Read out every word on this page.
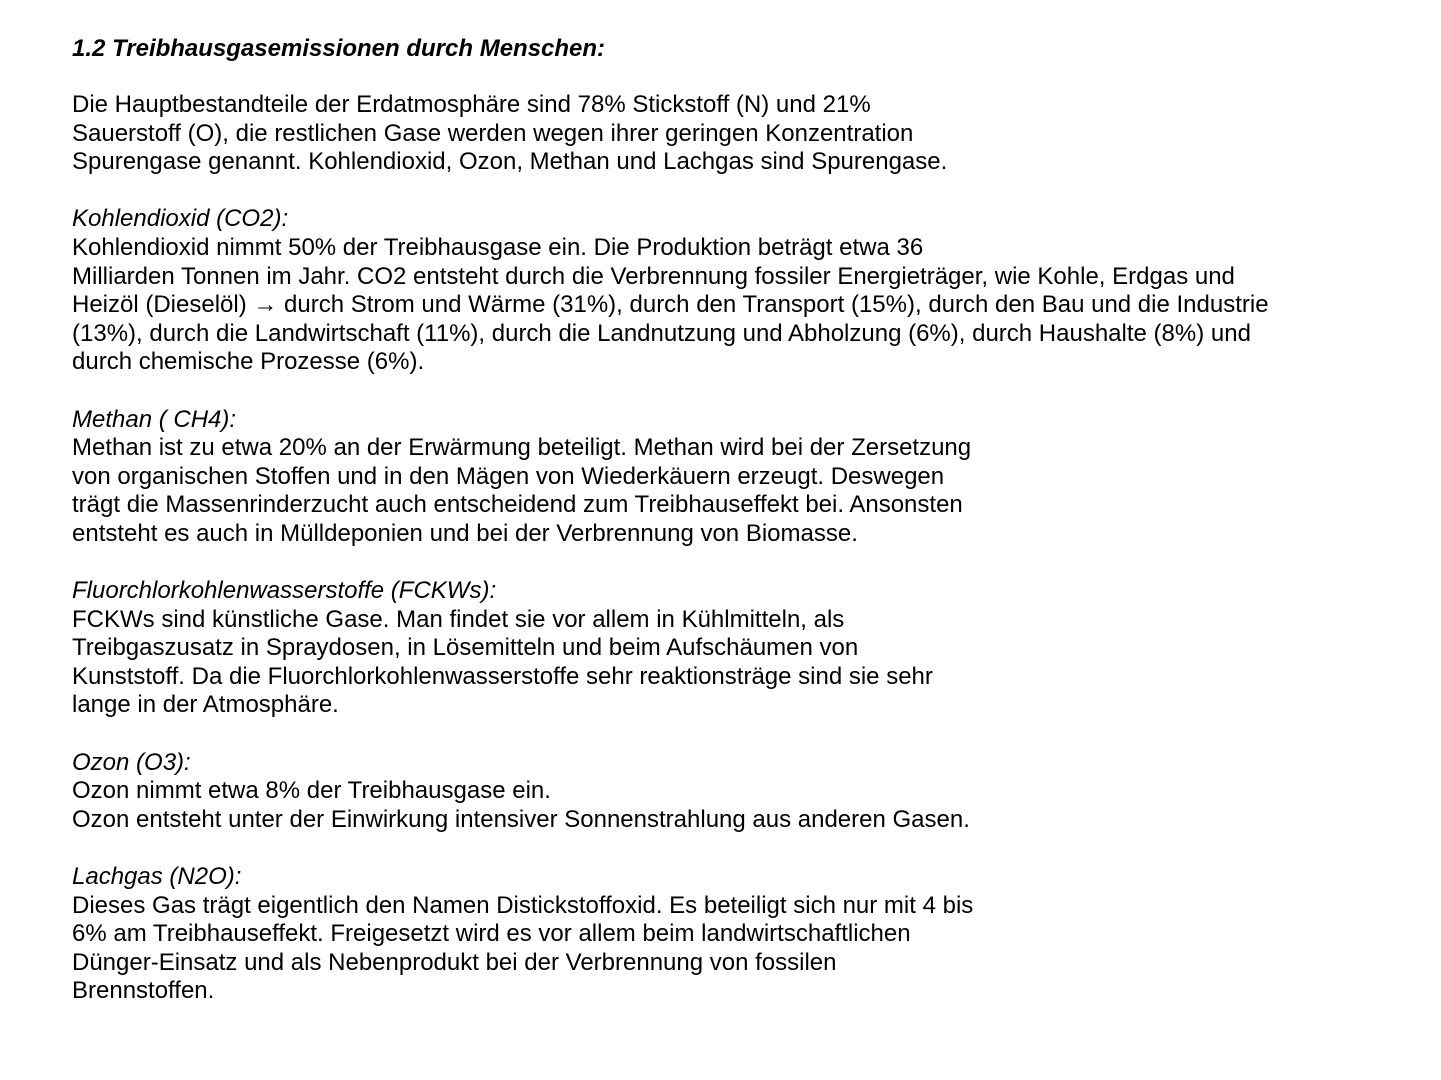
1.2 Treibhausgasemissionen durch Menschen:
Die Hauptbestandteile der Erdatmosphäre sind 78% Stickstoff (N) und 21%
Sauerstoff (O), die restlichen Gase werden wegen ihrer geringen Konzentration
Spurengase genannt. Kohlendioxid, Ozon, Methan und Lachgas sind Spurengase.
Kohlendioxid (CO2):
Kohlendioxid nimmt 50% der Treibhausgase ein. Die Produktion beträgt etwa 36
Milliarden Tonnen im Jahr. CO2 entsteht durch die Verbrennung fossiler Energieträger, wie Kohle, Erdgas und
Heizöl (Dieselöl) → durch Strom und Wärme (31%), durch den Transport (15%), durch den Bau und die Industrie
(13%), durch die Landwirtschaft (11%), durch die Landnutzung und Abholzung (6%), durch Haushalte (8%) und
durch chemische Prozesse (6%).
Methan ( CH4):
Methan ist zu etwa 20% an der Erwärmung beteiligt. Methan wird bei der Zersetzung
von organischen Stoffen und in den Mägen von Wiederkäuern erzeugt. Deswegen
trägt die Massenrinderzucht auch entscheidend zum Treibhauseffekt bei. Ansonsten
entsteht es auch in Mülldeponien und bei der Verbrennung von Biomasse.
Fluorchlorkohlenwasserstoffe (FCKWs):
FCKWs sind künstliche Gase. Man findet sie vor allem in Kühlmitteln, als
Treibgaszusatz in Spraydosen, in Lösemitteln und beim Aufschäumen von
Kunststoff. Da die Fluorchlorkohlenwasserstoffe sehr reaktionsträge sind sie sehr
lange in der Atmosphäre.
Ozon (O3):
Ozon nimmt etwa 8% der Treibhausgase ein.
Ozon entsteht unter der Einwirkung intensiver Sonnenstrahlung aus anderen Gasen.
Lachgas (N2O):
Dieses Gas trägt eigentlich den Namen Distickstoffoxid. Es beteiligt sich nur mit 4 bis
6% am Treibhauseffekt. Freigesetzt wird es vor allem beim landwirtschaftlichen
Dünger-Einsatz und als Nebenprodukt bei der Verbrennung von fossilen
Brennstoffen.
